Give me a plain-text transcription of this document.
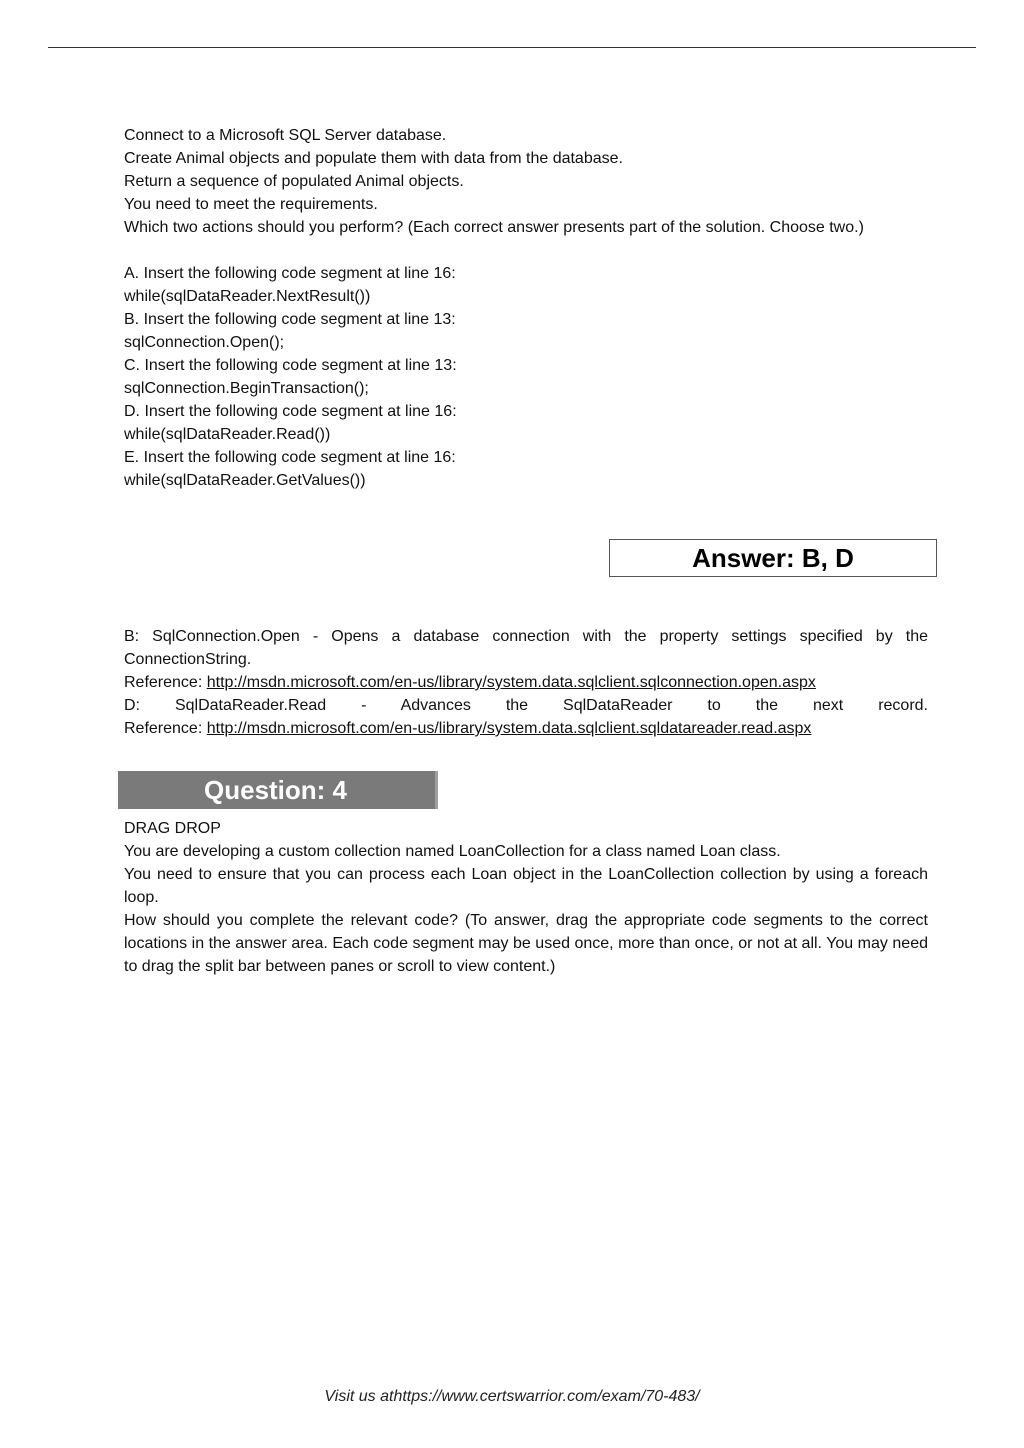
Connect to a Microsoft SQL Server database.

Create Animal objects and populate them with data from the database.

Return a sequence of populated Animal objects.

You need to meet the requirements.

Which two actions should you perform? (Each correct answer presents part of the solution. Choose two.)

A. Insert the following code segment at line 16:

while(sqlDataReader.NextResult())

B. Insert the following code segment at line 13:

sqlConnection.Open();

C. Insert the following code segment at line 13:

sqlConnection.BeginTransaction();

D. Insert the following code segment at line 16:

while(sqlDataReader.Read())

E. Insert the following code segment at line 16:

while(sqlDataReader.GetValues())

Answer: B, D

B: SqlConnection.Open - Opens a database connection with the property settings specified by the ConnectionString.

Reference: http://msdn.microsoft.com/en-us/library/system.data.sqlclient.sqlconnection.open.aspx

D: SqlDataReader.Read - Advances the SqlDataReader to the next record.

Reference: http://msdn.microsoft.com/en-us/library/system.data.sqlclient.sqldatareader.read.aspx

Question: 4

DRAG DROP

You are developing a custom collection named LoanCollection for a class named Loan class.

You need to ensure that you can process each Loan object in the LoanCollection collection by using a foreach loop.

How should you complete the relevant code? (To answer, drag the appropriate code segments to the correct locations in the answer area. Each code segment may be used once, more than once, or not at all. You may need to drag the split bar between panes or scroll to view content.)

Visit us athttps://www.certswarrior.com/exam/70-483/
